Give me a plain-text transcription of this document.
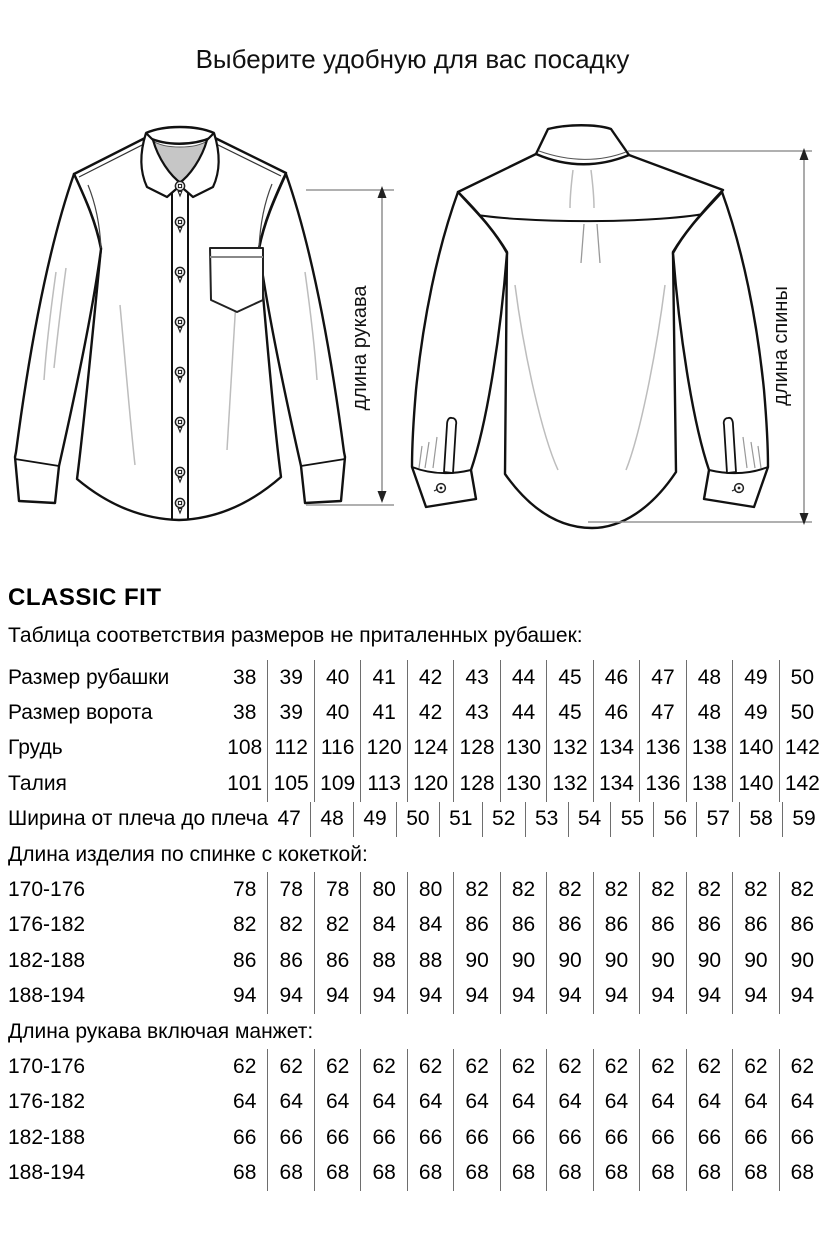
Выберите удобную для вас посадку
длина рукава	длина спины
CLASSIC FIT
Таблица соответствия размеров не приталенных рубашек:
Размер рубашки	38	39	40	41	42	43	44	45	46	47	48	49	50
Размер ворота	38	39	40	41	42	43	44	45	46	47	48	49	50
Грудь	108 112 116 120 124 128 130 132 134 136 138 140 142
Талия	101 105 109 113 120 128 130 132 134 136 138 140 142
Ширина от плеча до плеча 47 48 49 50 51 52 53 54 55 56 57 58 59
Длина изделия по спинке с кокеткой:
170-176	78	78	78	80	80	82	82	82	82	82	82	82	82
176-182	82	82	82	84	84	86	86	86	86	86	86	86	86
182-188	86	86	86	88	88	90	90	90	90	90	90	90	90
188-194	94	94	94	94	94	94	94	94	94	94	94	94	94
Длина рукава включая манжет:
170-176	62	62	62	62	62	62	62	62	62	62	62	62	62
176-182	64	64	64	64	64	64	64	64	64	64	64	64	64
182-188	66	66	66	66	66	66	66	66	66	66	66	66	66
188-194	68	68	68	68	68	68	68	68	68	68	68	68	68
